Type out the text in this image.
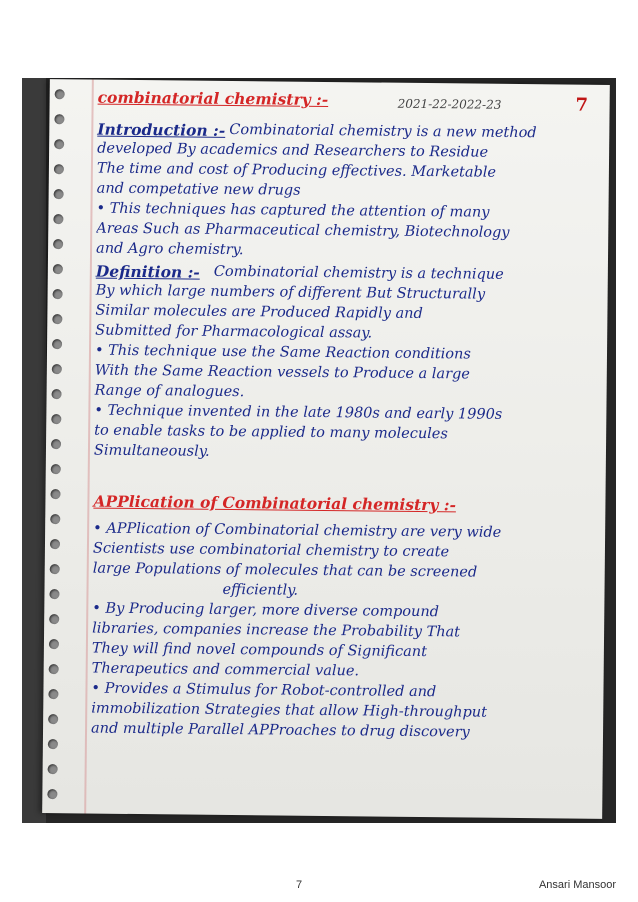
combinatorial chemistry :-	2021-22-2022-23	7
Introduction :- Combinatorial chemistry is a new method
developed By academics and Researchers to Residue
The time and cost of Producing effectives. Marketable
and competative new drugs
• This techniques has captured the attention of many
Areas Such as Pharmaceutical chemistry, Biotechnology
and Agro chemistry.
Definition :- Combinatorial chemistry is a technique
By which large numbers of different But Structurally
Similar molecules are Produced Rapidly and
Submitted for Pharmacological assay.
• This technique use the Same Reaction conditions
With the Same Reaction vessels to Produce a large
Range of analogues.
• Technique invented in the late 1980s and early 1990s
to enable tasks to be applied to many molecules
Simultaneously.
APPlication of Combinatorial chemistry :-
• APPlication of Combinatorial chemistry are very wide
Scientists use combinatorial chemistry to create
large Populations of molecules that can be screened
efficiently.
• By Producing larger, more diverse compound
libraries, companies increase the Probability That
They will find novel compounds of Significant
Therapeutics and commercial value.
• Provides a Stimulus for Robot-controlled and
immobilization Strategies that allow High-throughput
and multiple Parallel APProaches to drug discovery
7	Ansari Mansoor
